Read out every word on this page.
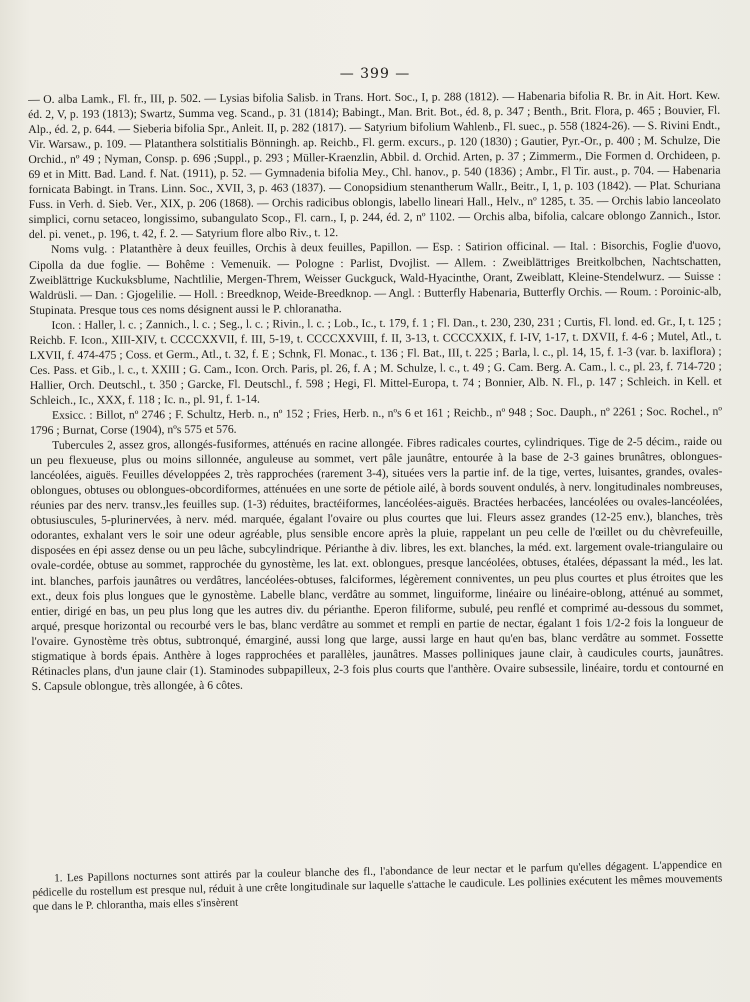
— 399 —

— O. alba Lamk., Fl. fr., III, p. 502. — Lysias bifolia Salisb. in Trans. Hort. Soc., I, p. 288 (1812). — Habenaria bifolia R. Br. in Ait. Hort. Kew. éd. 2, V, p. 193 (1813); Swartz, Summa veg. Scand., p. 31 (1814); Babingt., Man. Brit. Bot., éd. 8, p. 347 ; Benth., Brit. Flora, p. 465 ; Bouvier, Fl. Alp., éd. 2, p. 644. — Sieberia bifolia Spr., Anleit. II, p. 282 (1817). — Satyrium bifolium Wahlenb., Fl. suec., p. 558 (1824-26). — S. Rivini Endt., Vir. Warsaw., p. 109. — Platanthera solstitialis Bönningh. ap. Reichb., Fl. germ. excurs., p. 120 (1830) ; Gautier, Pyr.-Or., p. 400 ; M. Schulze, Die Orchid., nº 49 ; Nyman, Consp. p. 696 ;Suppl., p. 293 ; Müller-Kraenzlin, Abbil. d. Orchid. Arten, p. 37 ; Zimmerm., Die Formen d. Orchideen, p. 69 et in Mitt. Bad. Land. f. Nat. (1911), p. 52. — Gymnadenia bifolia Mey., Chl. hanov., p. 540 (1836) ; Ambr., Fl Tir. aust., p. 704. — Habenaria fornicata Babingt. in Trans. Linn. Soc., XVII, 3, p. 463 (1837). — Conopsidium stenantherum Wallr., Beitr., I, 1, p. 103 (1842). — Plat. Schuriana Fuss. in Verh. d. Sieb. Ver., XIX, p. 206 (1868). — Orchis radicibus oblongis, labello lineari Hall., Helv., nº 1285, t. 35. — Orchis labio lanceolato simplici, cornu setaceo, longissimo, subangulato Scop., Fl. carn., I, p. 244, éd. 2, nº 1102. — Orchis alba, bifolia, calcare oblongo Zannich., Istor. del. pi. venet., p. 196, t. 42, f. 2. — Satyrium flore albo Riv., t. 12.

Noms vulg. : Platanthère à deux feuilles, Orchis à deux feuilles, Papillon. — Esp. : Satirion officinal. — Ital. : Bisorchis, Foglie d'uovo, Cipolla da due foglie. — Bohême : Vemenuik. — Pologne : Parlist, Dvojlist. — Allem. : Zweiblättriges Breitkolbchen, Nachtschatten, Zweiblättrige Kuckuksblume, Nachtlilie, Mergen-Threm, Weisser Guckguck, Wald-Hyacinthe, Orant, Zweiblatt, Kleine-Stendelwurz. — Suisse : Waldrüsli. — Dan. : Gjogelilie. — Holl. : Breedknop, Weide-Breedknop. — Angl. : Butterfly Habenaria, Butterfly Orchis. — Roum. : Poroinic-alb, Stupinata. Presque tous ces noms désignent aussi le P. chloranatha.

Icon. : Haller, l. c. ; Zannich., l. c. ; Seg., l. c. ; Rivin., l. c. ; Lob., Ic., t. 179, f. 1 ; Fl. Dan., t. 230, 230, 231 ; Curtis, Fl. lond. ed. Gr., I, t. 125 ; Reichb. F. Icon., XIII-XIV, t. CCCCXXVII, f. III, 5-19, t. CCCCXXVIII, f. II, 3-13, t. CCCCXXIX, f. I-IV, 1-17, t. DXVII, f. 4-6 ; Mutel, Atl., t. LXVII, f. 474-475 ; Coss. et Germ., Atl., t. 32, f. E ; Schnk, Fl. Monac., t. 136 ; Fl. Bat., III, t. 225 ; Barla, l. c., pl. 14, 15, f. 1-3 (var. b. laxiflora) ; Ces. Pass. et Gib., l. c., t. XXIII ; G. Cam., Icon. Orch. Paris, pl. 26, f. A ; M. Schulze, l. c., t. 49 ; G. Cam. Berg. A. Cam., l. c., pl. 23, f. 714-720 ; Hallier, Orch. Deutschl., t. 350 ; Garcke, Fl. Deutschl., f. 598 ; Hegi, Fl. Mittel-Europa, t. 74 ; Bonnier, Alb. N. Fl., p. 147 ; Schleich. in Kell. et Schleich., Ic., XXX, f. 118 ; Ic. n., pl. 91, f. 1-14.

Exsicc. : Billot, nº 2746 ; F. Schultz, Herb. n., nº 152 ; Fries, Herb. n., nºs 6 et 161 ; Reichb., nº 948 ; Soc. Dauph., nº 2261 ; Soc. Rochel., nº 1796 ; Burnat, Corse (1904), nºs 575 et 576.

Tubercules 2, assez gros, allongés-fusiformes, atténués en racine allongée. Fibres radicales courtes, cylindriques. Tige de 2-5 décim., raide ou un peu flexueuse, plus ou moins sillonnée, anguleuse au sommet, vert pâle jaunâtre, entourée à la base de 2-3 gaines brunâtres, oblongues-lancéolées, aiguës. Feuilles développées 2, très rapprochées (rarement 3-4), situées vers la partie inf. de la tige, vertes, luisantes, grandes, ovales-oblongues, obtuses ou oblongues-obcordiformes, atténuées en une sorte de pétiole ailé, à bords souvent ondulés, à nerv. longitudinales nombreuses, réunies par des nerv. transv.,les feuilles sup. (1-3) réduites, bractéiformes, lancéolées-aiguës. Bractées herbacées, lancéolées ou ovales-lancéolées, obtusiuscules, 5-plurinervées, à nerv. méd. marquée, égalant l'ovaire ou plus courtes que lui. Fleurs assez grandes (12-25 env.), blanches, très odorantes, exhalant vers le soir une odeur agréable, plus sensible encore après la pluie, rappelant un peu celle de l'œillet ou du chèvrefeuille, disposées en épi assez dense ou un peu lâche, subcylindrique. Périanthe à div. libres, les ext. blanches, la méd. ext. largement ovale-triangulaire ou ovale-cordée, obtuse au sommet, rapprochée du gynostème, les lat. ext. oblongues, presque lancéolées, obtuses, étalées, dépassant la méd., les lat. int. blanches, parfois jaunâtres ou verdâtres, lancéolées-obtuses, falciformes, légèrement conniventes, un peu plus courtes et plus étroites que les ext., deux fois plus longues que le gynostème. Labelle blanc, verdâtre au sommet, linguiforme, linéaire ou linéaire-oblong, atténué au sommet, entier, dirigé en bas, un peu plus long que les autres div. du périanthe. Eperon filiforme, subulé, peu renflé et comprimé au-dessous du sommet, arqué, presque horizontal ou recourbé vers le bas, blanc verdâtre au sommet et rempli en partie de nectar, égalant 1 fois 1/2-2 fois la longueur de l'ovaire. Gynostème très obtus, subtronqué, émarginé, aussi long que large, aussi large en haut qu'en bas, blanc verdâtre au sommet. Fossette stigmatique à bords épais. Anthère à loges rapprochées et parallèles, jaunâtres. Masses polliniques jaune clair, à caudicules courts, jaunâtres. Rétinacles plans, d'un jaune clair (1). Staminodes subpapilleux, 2-3 fois plus courts que l'anthère. Ovaire subsessile, linéaire, tordu et contourné en S. Capsule oblongue, très allongée, à 6 côtes.

1. Les Papillons nocturnes sont attirés par la couleur blanche des fl., l'abondance de leur nectar et le parfum qu'elles dégagent. L'appendice en pédicelle du rostellum est presque nul, réduit à une crête longitudinale sur laquelle s'attache le caudicule. Les pollinies exécutent les mêmes mouvements que dans le P. chlorantha, mais elles s'insèrent
